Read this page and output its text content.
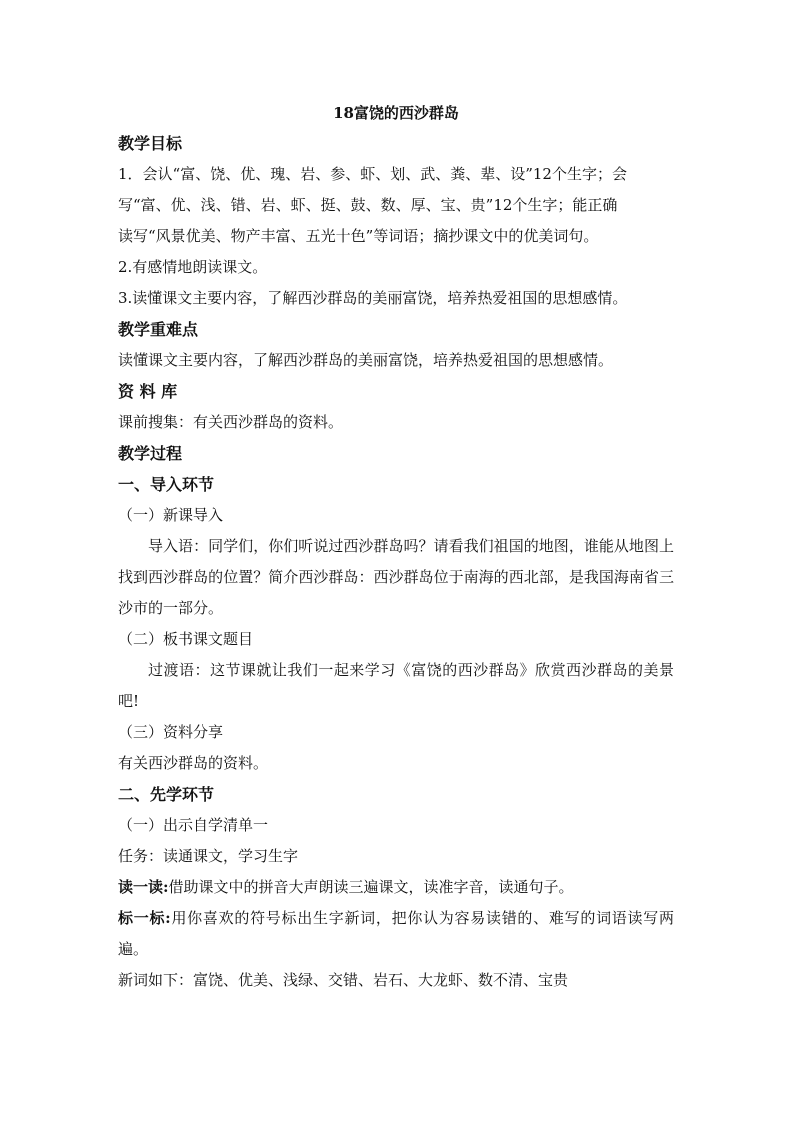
18富饶的西沙群岛

教学目标

1．会认“富、饶、优、瑰、岩、参、虾、划、武、粪、辈、设”12个生字；会

写“富、优、浅、错、岩、虾、挺、鼓、数、厚、宝、贵”12个生字；能正确

读写“风景优美、物产丰富、五光十色”等词语；摘抄课文中的优美词句。

2.有感情地朗读课文。

3.读懂课文主要内容，了解西沙群岛的美丽富饶，培养热爱祖国的思想感情。

教学重难点

读懂课文主要内容，了解西沙群岛的美丽富饶，培养热爱祖国的思想感情。

资 料 库

课前搜集：有关西沙群岛的资料。

教学过程

一、导入环节

（一）新课导入

导入语：同学们，你们听说过西沙群岛吗？请看我们祖国的地图，谁能从地图上找到西沙群岛的位置？简介西沙群岛：西沙群岛位于南海的西北部，是我国海南省三沙市的一部分。

（二）板书课文题目

过渡语：这节课就让我们一起来学习《富饶的西沙群岛》欣赏西沙群岛的美景吧!

（三）资料分享

有关西沙群岛的资料。

二、先学环节

（一）出示自学清单一

任务：读通课文，学习生字

读一读:借助课文中的拼音大声朗读三遍课文，读准字音，读通句子。

标一标:用你喜欢的符号标出生字新词，把你认为容易读错的、难写的词语读写两遍。

新词如下：富饶、优美、浅绿、交错、岩石、大龙虾、数不清、宝贵
